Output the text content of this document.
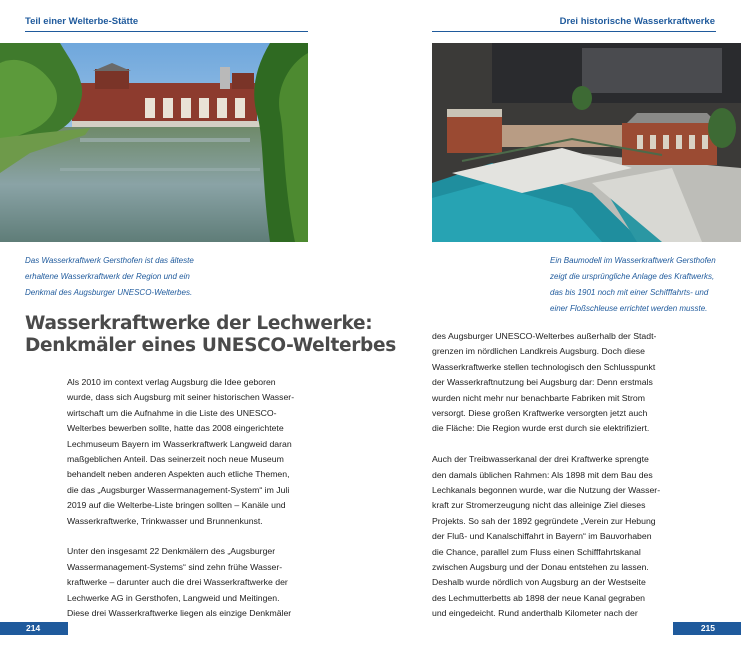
Teil einer Welterbe-Stätte
Das Wasserkraftwerk Gersthofen ist das älteste
erhaltene Wasserkraftwerk der Region und ein
Denkmal des Augsburger UNESCO-Welterbes.
Wasserkraftwerke der Lechwerke:
Denkmäler eines UNESCO-Welterbes
Als 2010 im context verlag Augsburg die Idee geboren
wurde, dass sich Augsburg mit seiner historischen Wasser-
wirtschaft um die Aufnahme in die Liste des UNESCO-
Welterbes bewerben sollte, hatte das 2008 eingerichtete
Lechmuseum Bayern im Wasserkraftwerk Langweid daran
maßgeblichen Anteil. Das seinerzeit noch neue Museum
behandelt neben anderen Aspekten auch etliche Themen,
die das „Augsburger Wassermanagement-System“ im Juli
2019 auf die Welterbe-Liste bringen sollten – Kanäle und
Wasserkraftwerke, Trinkwasser und Brunnenkunst.
Unter den insgesamt 22 Denkmälern des „Augsburger
Wassermanagement-Systems“ sind zehn frühe Wasser-
kraftwerke – darunter auch die drei Wasserkraftwerke der
Lechwerke AG in Gersthofen, Langweid und Meitingen.
Diese drei Wasserkraftwerke liegen als einzige Denkmäler
214
Drei historische Wasserkraftwerke
Ein Baumodell im Wasserkraftwerk Gersthofen
zeigt die ursprüngliche Anlage des Kraftwerks,
das bis 1901 noch mit einer Schifffahrts- und
einer Floßschleuse errichtet werden musste.
des Augsburger UNESCO-Welterbes außerhalb der Stadt-
grenzen im nördlichen Landkreis Augsburg. Doch diese
Wasserkraftwerke stellen technologisch den Schlusspunkt
der Wasserkraftnutzung bei Augsburg dar: Denn erstmals
wurden nicht mehr nur benachbarte Fabriken mit Strom
versorgt. Diese großen Kraftwerke versorgten jetzt auch
die Fläche: Die Region wurde erst durch sie elektrifiziert.
Auch der Treibwasserkanal der drei Kraftwerke sprengte
den damals üblichen Rahmen: Als 1898 mit dem Bau des
Lechkanals begonnen wurde, war die Nutzung der Wasser-
kraft zur Stromerzeugung nicht das alleinige Ziel dieses
Projekts. So sah der 1892 gegründete „Verein zur Hebung
der Fluß- und Kanalschiffahrt in Bayern“ im Bauvorhaben
die Chance, parallel zum Fluss einen Schifffahrtskanal
zwischen Augsburg und der Donau entstehen zu lassen.
Deshalb wurde nördlich von Augsburg an der Westseite
des Lechmutterbetts ab 1898 der neue Kanal gegraben
und eingedeicht. Rund anderthalb Kilometer nach der
215
